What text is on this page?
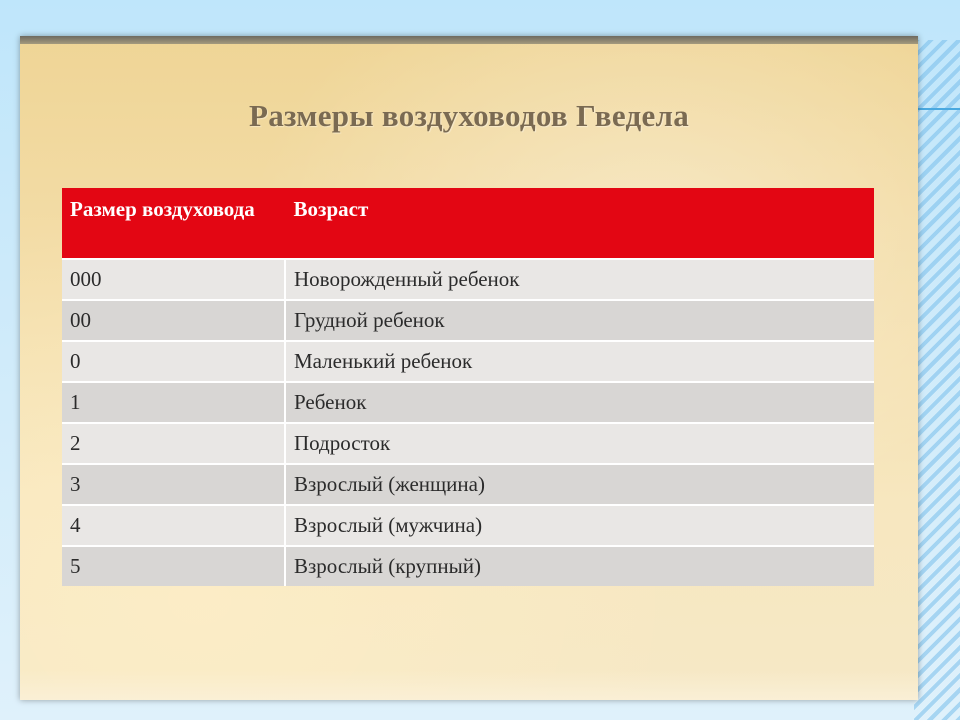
Размеры воздуховодов Гведела
Размер воздуховода	Возраст
000	Новорожденный ребенок
00	Грудной ребенок
0	Маленький ребенок
1	Ребенок
2	Подросток
3	Взрослый (женщина)
4	Взрослый (мужчина)
5	Взрослый (крупный)
